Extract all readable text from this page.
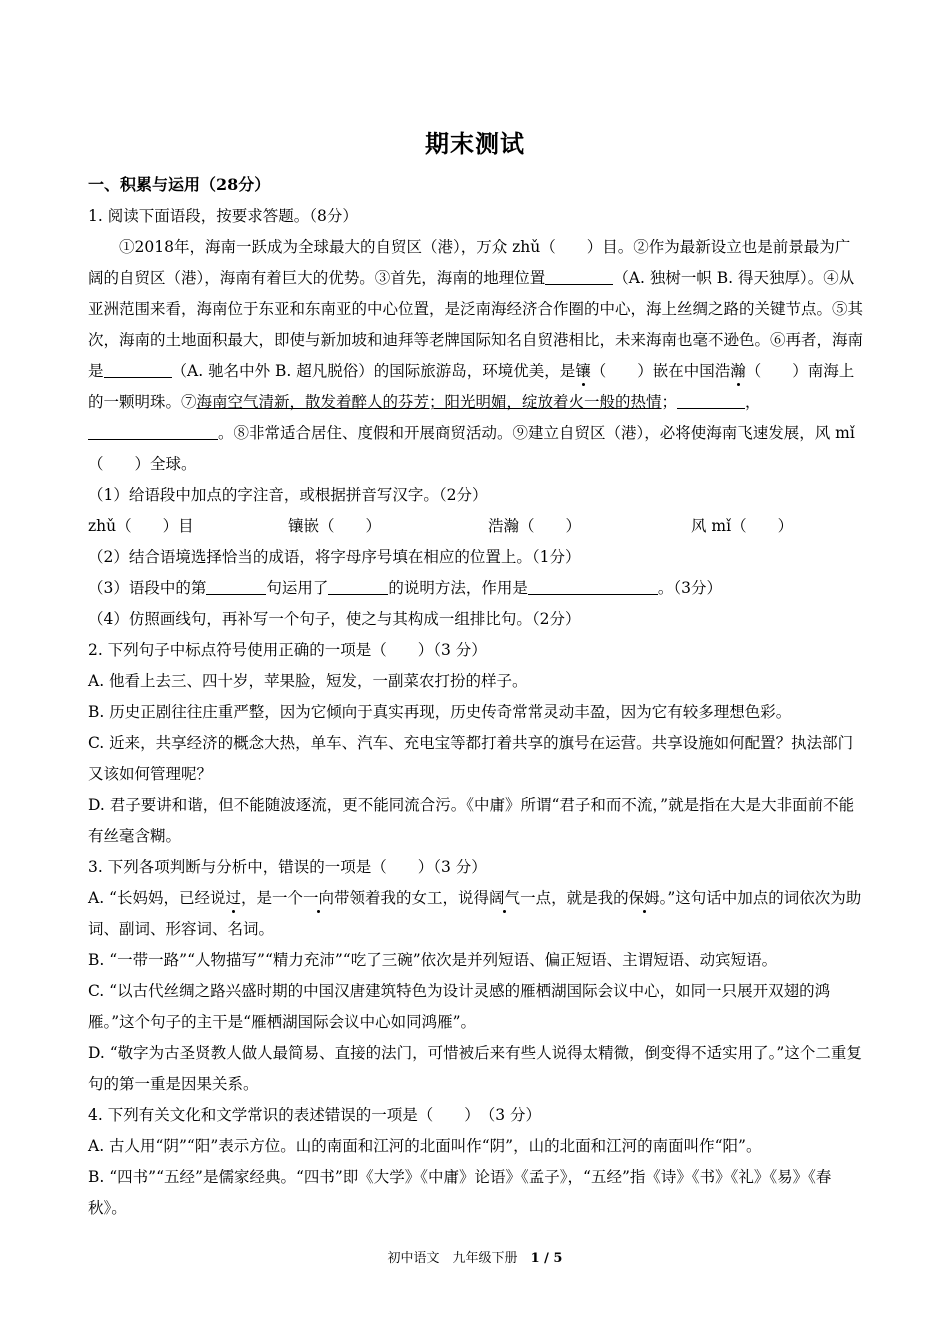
期末测试
一、积累与运用（28分）

1. 阅读下面语段，按要求答题。（8分）

①2018年，海南一跃成为全球最大的自贸区（港），万众 zhǔ（　　）目。②作为最新设立也是前景最为广阔的自贸区（港），海南有着巨大的优势。③首先，海南的地理位置	（A. 独树一帜 B. 得天独厚）。④从亚洲范围来看，海南位于东亚和东南亚的中心位置，是泛南海经济合作圈的中心，海上丝绸之路的关键节点。⑤其次，海南的土地面积最大，即使与新加坡和迪拜等老牌国际知名自贸港相比，未来海南也毫不逊色。⑥再者，海南是	（A. 驰名中外 B. 超凡脱俗）的国际旅游岛，环境优美，是镶（　　）嵌在中国浩瀚（　　）南海上的一颗明珠。⑦海南空气清新，散发着醉人的芬芳；阳光明媚，绽放着火一般的热情；	，。⑧非常适合居住、度假和开展商贸活动。⑨建立自贸区（港），必将使海南飞速发展，风 mǐ（　　）全球。

（1）给语段中加点的字注音，或根据拼音写汉字。（2分）

zhǔ（　　）目	镶嵌（　　）	浩瀚（　　）	风 mǐ（　　）

（2）结合语境选择恰当的成语，将字母序号填在相应的位置上。（1分）

（3）语段中的第	句运用了	的说明方法，作用是	。（3分）

（4）仿照画线句，再补写一个句子，使之与其构成一组排比句。（2分）

2. 下列句子中标点符号使用正确的一项是（　　）（3 分）

A. 他看上去三、四十岁，苹果脸，短发，一副菜农打扮的样子。

B. 历史正剧往往庄重严整，因为它倾向于真实再现，历史传奇常常灵动丰盈，因为它有较多理想色彩。

C. 近来，共享经济的概念大热，单车、汽车、充电宝等都打着共享的旗号在运营。共享设施如何配置？执法部门又该如何管理呢？

D. 君子要讲和谐，但不能随波逐流，更不能同流合污。《中庸》所谓“君子和而不流，”就是指在大是大非面前不能有丝毫含糊。

3. 下列各项判断与分析中，错误的一项是（　　）（3 分）

A. “长妈妈，已经说过，是一个一向带领着我的女工，说得阔气一点，就是我的保姆。”这句话中加点的词依次为助词、副词、形容词、名词。

B. “一带一路”“人物描写”“精力充沛”“吃了三碗”依次是并列短语、偏正短语、主谓短语、动宾短语。

C. “以古代丝绸之路兴盛时期的中国汉唐建筑特色为设计灵感的雁栖湖国际会议中心，如同一只展开双翅的鸿雁。”这个句子的主干是“雁栖湖国际会议中心如同鸿雁”。

D. “敬字为古圣贤教人做人最简易、直接的法门，可惜被后来有些人说得太精微，倒变得不适实用了。”这个二重复句的第一重是因果关系。

4. 下列有关文化和文学常识的表述错误的一项是（　　）　（3 分）

A. 古人用“阴”“阳”表示方位。山的南面和江河的北面叫作“阴”，山的北面和江河的南面叫作“阳”。

B. “四书”“五经”是儒家经典。“四书”即《大学》《中庸》论语》《孟子》，“五经”指《诗》《书》《礼》《易》《春秋》。

初中语文　九年级下册　1 / 5
